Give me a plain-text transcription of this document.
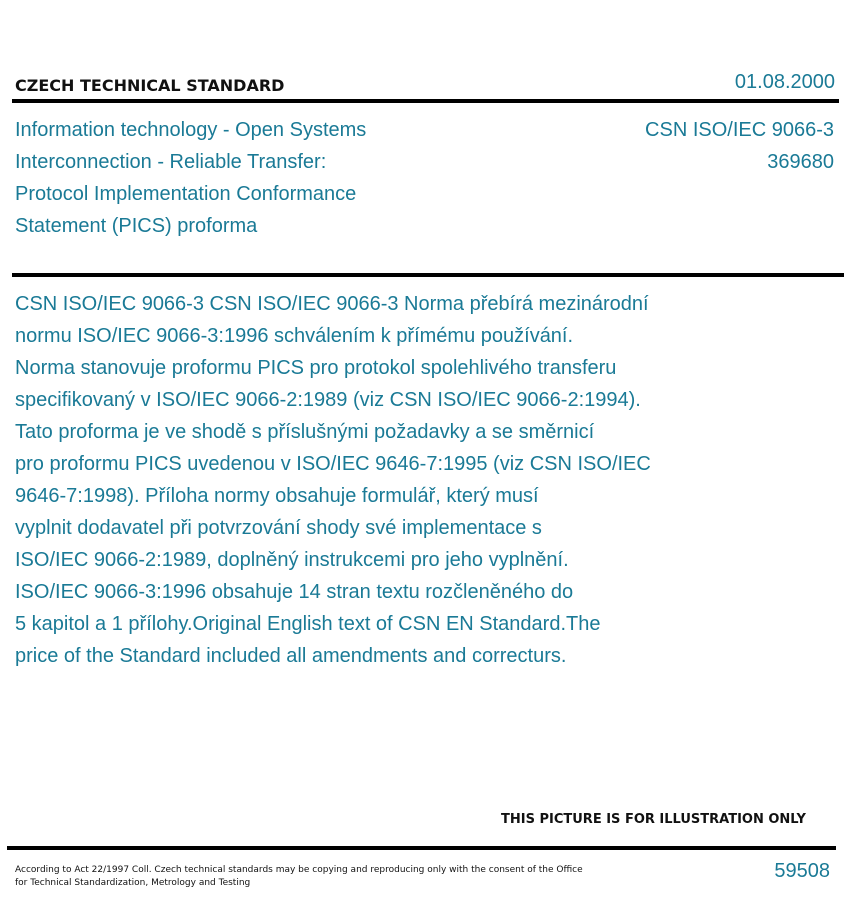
CZECH TECHNICAL STANDARD	01.08.2000
Information technology - Open Systems
Interconnection - Reliable Transfer:
Protocol Implementation Conformance
Statement (PICS) proforma
CSN ISO/IEC 9066-3
369680
CSN ISO/IEC 9066-3 CSN ISO/IEC 9066-3 Norma přebírá mezinárodní
normu ISO/IEC 9066-3:1996 schválením k přímému používání.
Norma stanovuje proformu PICS pro protokol spolehlivého transferu
specifikovaný v ISO/IEC 9066-2:1989 (viz CSN ISO/IEC 9066-2:1994).
Tato proforma je ve shodě s příslušnými požadavky a se směrnicí
pro proformu PICS uvedenou v ISO/IEC 9646-7:1995 (viz CSN ISO/IEC
9646-7:1998). Příloha normy obsahuje formulář, který musí
vyplnit dodavatel při potvrzování shody své implementace s
ISO/IEC 9066-2:1989, doplněný instrukcemi pro jeho vyplnění.
ISO/IEC 9066-3:1996 obsahuje 14 stran textu rozčleněného do
5 kapitol a 1 přílohy.Original English text of CSN EN Standard.The
price of the Standard included all amendments and correcturs.
THIS PICTURE IS FOR ILLUSTRATION ONLY
According to Act 22/1997 Coll. Czech technical standards may be copying and reproducing only with the consent of the Office
for Technical Standardization, Metrology and Testing
59508
